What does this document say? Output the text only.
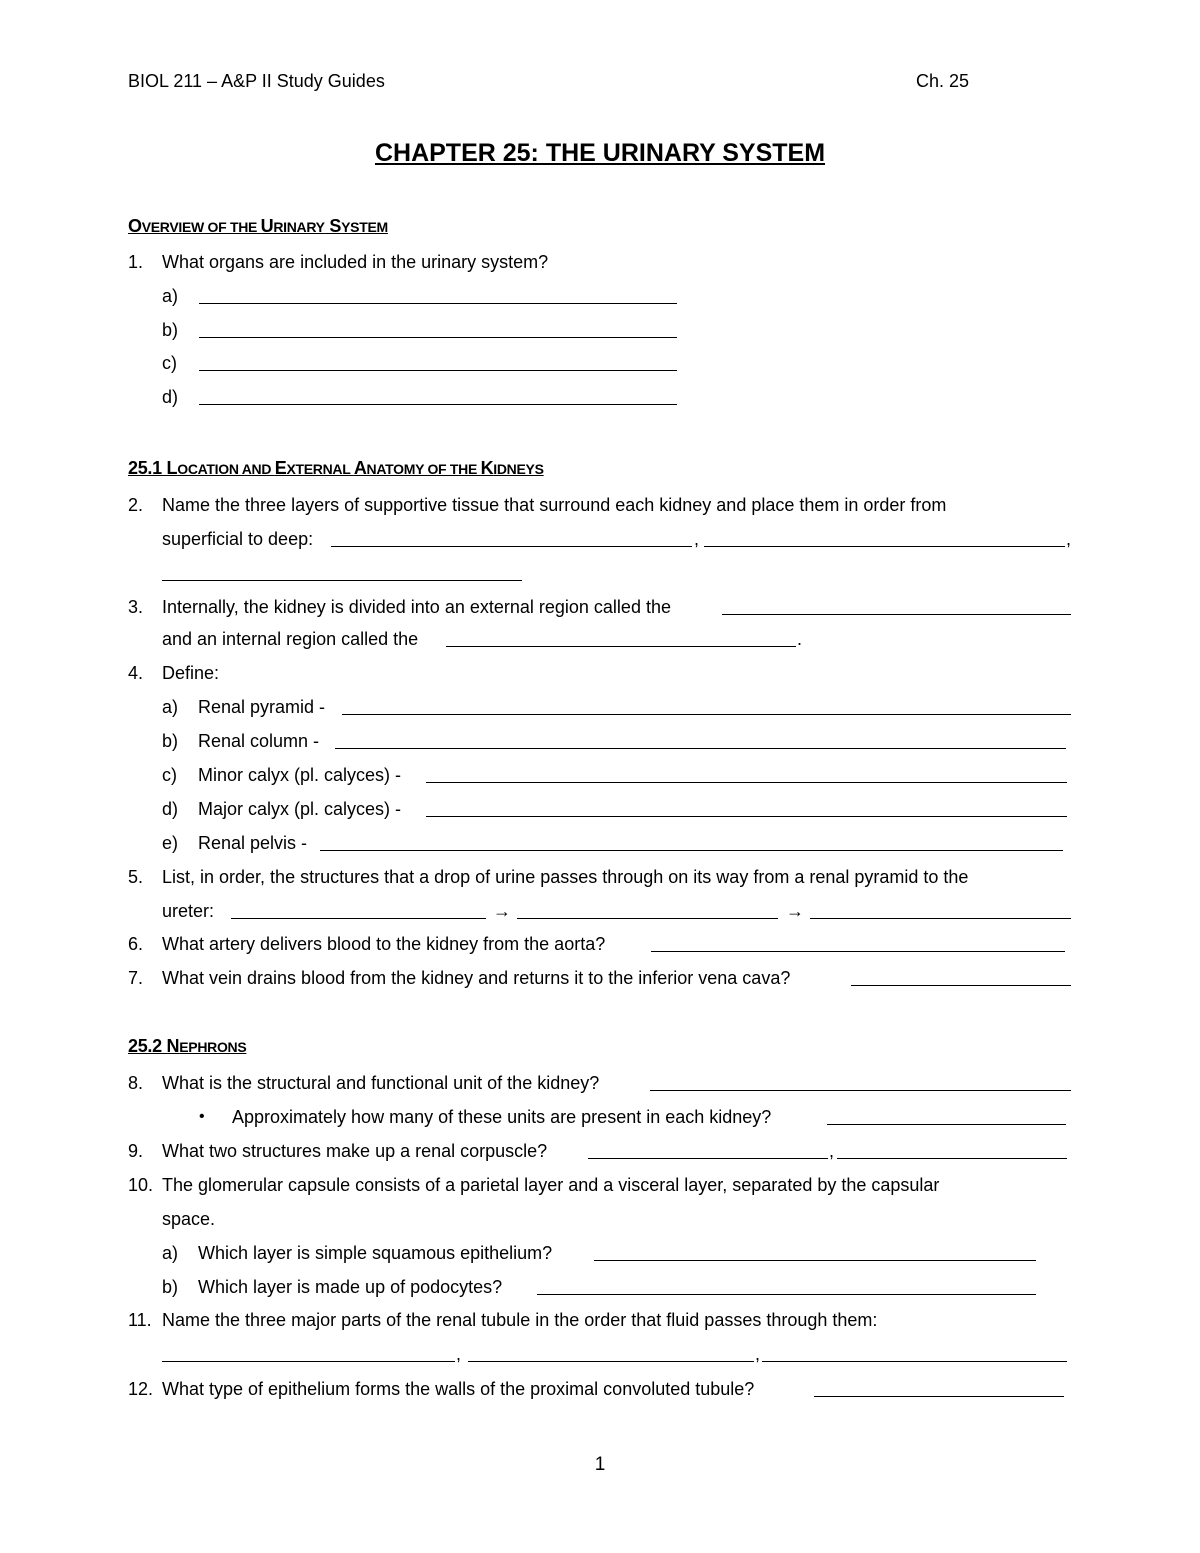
BIOL 211 – A&P II Study Guides	Ch. 25
CHAPTER 25: THE URINARY SYSTEM
OVERVIEW OF THE URINARY SYSTEM
1. What organs are included in the urinary system?
a)
b)
c)
d)
25.1 LOCATION AND EXTERNAL ANATOMY OF THE KIDNEYS
2. Name the three layers of supportive tissue that surround each kidney and place them in order from
superficial to deep:	,	,
3. Internally, the kidney is divided into an external region called the
and an internal region called the	.
4. Define:
a) Renal pyramid -
b) Renal column -
c) Minor calyx (pl. calyces) -
d) Major calyx (pl. calyces) -
e) Renal pelvis -
5. List, in order, the structures that a drop of urine passes through on its way from a renal pyramid to the
ureter:	→	→
6. What artery delivers blood to the kidney from the aorta?
7. What vein drains blood from the kidney and returns it to the inferior vena cava?
25.2 NEPHRONS
8. What is the structural and functional unit of the kidney?
• Approximately how many of these units are present in each kidney?
9. What two structures make up a renal corpuscle?	,
10. The glomerular capsule consists of a parietal layer and a visceral layer, separated by the capsular
space.
a) Which layer is simple squamous epithelium?
b) Which layer is made up of podocytes?
11. Name the three major parts of the renal tubule in the order that fluid passes through them:
,	,
12. What type of epithelium forms the walls of the proximal convoluted tubule?
1
